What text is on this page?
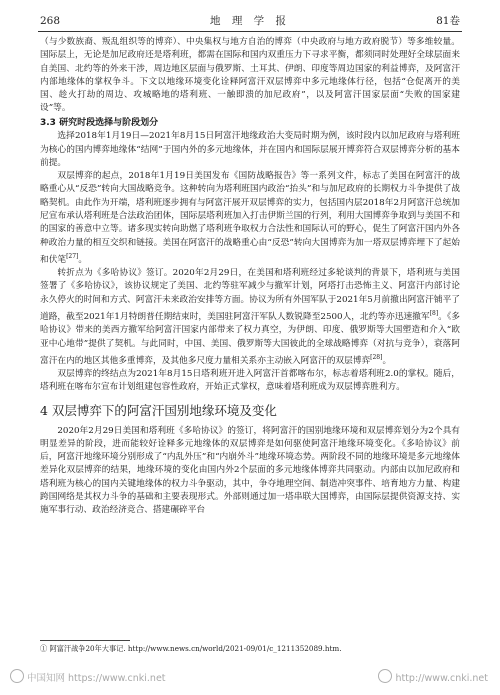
268	地 理 学 报	81卷

（与少数族裔、叛乱组织等的博弈）、中央集权与地方自治的博弈（中央政府与地方政府脱节）等多维较量。国际层上，无论是加尼政府还是塔利班，都需在国际和国内双重压力下寻求平衡，都须同时处理好全球层面来自美国、北约等的外来干涉，周边地区层面与俄罗斯、土耳其、伊朗、印度等周边国家的利益博弈，及阿富汗内部地缘体的掌权争斗。下文以地缘环境变化诠释阿富汗双层博弈中多元地缘体行径，包括“仓促离开的美国、趁火打劫的周边、攻城略地的塔利班、一触即溃的加尼政府”，以及阿富汗国家层面“失败的国家建设”等。

3.3 研究时段选择与阶段划分

选择2018年1月19日—2021年8月15日阿富汗地缘政治大变局时期为例，该时段内以加尼政府与塔利班为核心的国内博弈地缘体“结网”于国内外的多元地缘体，并在国内和国际层展开博弈符合双层博弈分析的基本前提。

双层博弈的起点，2018年1月19日美国发布《国防战略报告》等一系列文件，标志了美国在阿富汗的战略重心从“反恐”转向大国战略竞争。这种转向为塔利班国内政治“抬头”和与加尼政府的长期权力斗争提供了战略契机。由此作为开端，塔利班逐步拥有与阿富汗展开双层博弈的实力，包括国内层2018年2月阿富汗总统加尼宣布承认塔利班是合法政治团体，国际层塔利班加入打击伊斯兰国的行列，利用大国博弈争取到与美国不和的国家的善意中立等。诸多现实转向助燃了塔利班争取权力合法性和国际认可的野心，促生了阿富汗国内外各种政治力量的相互交织和链接。美国在阿富汗的战略重心由“反恐”转向大国博弈为加一塔双层博弈埋下了起始和伏笔[27]。

转折点为《多哈协议》签订。2020年2月29日，在美国和塔利班经过多轮谈判的背景下，塔利班与美国签署了《多哈协议》，该协议规定了美国、北约等驻军减少与撤军计划，阿塔打击恐怖主义、阿富汗内部讨论永久停火的时间和方式、阿富汗未来政治安排等方面。协议为所有外国军队于2021年5月前撤出阿富汗铺平了道路，截至2021年1月特朗普任期结束时，美国驻阿富汗军队人数锐降至2500人，北约等亦迅速撤军[8]。《多哈协议》带来的美西方撤军给阿富汗国家内部带来了权力真空，为伊朗、印度、俄罗斯等大国塑造和介入“欧亚中心地带”提供了契机。与此同时，中国、美国、俄罗斯等大国彼此的全球战略博弈（对抗与竞争），衰落阿富汗在内的地区其他多重博弈，及其他多尺度力量相关系亦主动嵌入阿富汗的双层博弈[28]。

双层博弈的终结点为2021年8月15日塔利班开进入阿富汗首都喀布尔，标志着塔利班2.0的掌权。随后，塔利班在喀布尔宣布计划组建包容性政府，开始正式掌权，意味着塔利班成为双层博弈胜利方。

4 双层博弈下的阿富汗国别地缘环境及变化

2020年2月29日美国和塔利班《多哈协议》的签订，将阿富汗的国别地缘环境和双层博弈划分为2个具有明显差异的阶段，进而能较好诠释多元地缘体的双层博弈是如何驱使阿富汗地缘环境变化。《多哈协议》前后，阿富汗地缘环境分别形成了“内乱外压”和“内崩外斗”地缘环境态势。两阶段不同的地缘环境是多元地缘体差异化双层博弈的结果，地缘环境的变化由国内外2个层面的多元地缘体博弈共同驱动。内部由以加尼政府和塔利班为核心的国内关键地缘体的权力斗争驱动，其中，争夺地理空间、制造冲突事件、培育地方力量、构建跨国网络是其权力斗争的基础和主要表现形式。外部则通过加一塔串联大国博弈，由国际层提供资源支持、实施军事行动、政治经济竞合、搭建碾碎平台

① 阿富汗战争20年大事记. http://www.news.cn/world/2021-09/01/c_1211352089.htm.
中国知网 https://www.cnki.net	http://www.cnki.net
